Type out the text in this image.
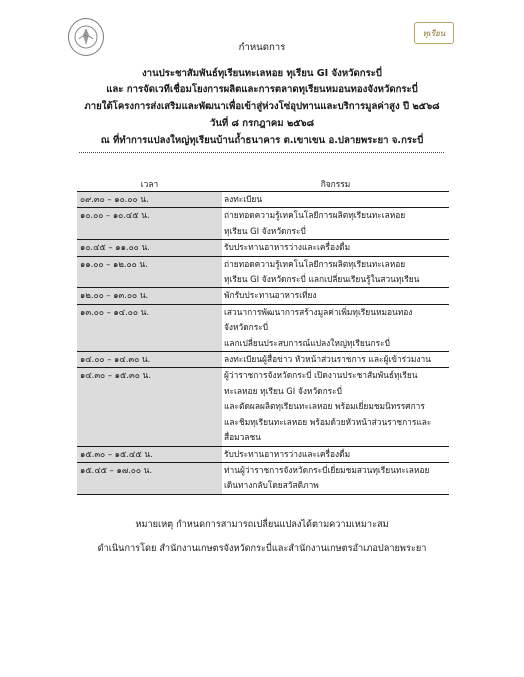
ทุเรียน
กำหนดการ
งานประชาสัมพันธ์ทุเรียนทะเลหอย ทุเรียน GI จังหวัดกระบี่
และ การจัดเวทีเชื่อมโยงการผลิตและการตลาดทุเรียนหมอนทองจังหวัดกระบี่
ภายใต้โครงการส่งเสริมและพัฒนาเพื่อเข้าสู่ห่วงโซ่อุปทานและบริการมูลค่าสูง ปี ๒๕๖๘
วันที่ ๘ กรกฎาคม ๒๕๖๘
ณ ที่ทำการแปลงใหญ่ทุเรียนบ้านถ้ำธนาคาร ต.เขาเขน อ.ปลายพระยา จ.กระบี่
เวลา	กิจกรรม
๐๙.๓๐ – ๑๐.๐๐ น.	ลงทะเบียน

๑๐.๐๐ – ๑๐.๔๕ น.	ถ่ายทอดความรู้เทคโนโลยีการผลิตทุเรียนทะเลหอย
ทุเรียน GI จังหวัดกระบี่

๑๐.๔๕ – ๑๑.๐๐ น.	รับประทานอาหารว่างและเครื่องดื่ม

๑๑.๐๐ – ๑๒.๐๐ น.	ถ่ายทอดความรู้เทคโนโลยีการผลิตทุเรียนทะเลหอย
ทุเรียน GI จังหวัดกระบี่ แลกเปลี่ยนเรียนรู้ในสวนทุเรียน

๑๒.๐๐ – ๑๓.๐๐ น.	พักรับประทานอาหารเที่ยง

๑๓.๐๐ – ๑๔.๐๐ น.	เสวนาการพัฒนาการสร้างมูลค่าเพิ่มทุเรียนหมอนทอง
จังหวัดกระบี่
แลกเปลี่ยนประสบการณ์แปลงใหญ่ทุเรียนกระบี่

๑๔.๐๐ – ๑๔.๓๐ น.	ลงทะเบียนผู้สื่อข่าว หัวหน้าส่วนราชการ และผู้เข้าร่วมงาน

๑๔.๓๐ – ๑๕.๓๐ น.	ผู้ว่าราชการจังหวัดกระบี่ เปิดงานประชาสัมพันธ์ทุเรียน
ทะเลหอย ทุเรียน GI จังหวัดกระบี่
และตัดผลผลิตทุเรียนทะเลหอย พร้อมเยี่ยมชมนิทรรศการ
และชิมทุเรียนทะเลหอย พร้อมด้วยหัวหน้าส่วนราชการและ
สื่อมวลชน

๑๕.๓๐ – ๑๕.๔๕ น.	รับประทานอาหารว่างและเครื่องดื่ม

๑๕.๔๕ – ๑๗.๐๐ น.	ท่านผู้ว่าราชการจังหวัดกระบี่เยี่ยมชมสวนทุเรียนทะเลหอย
เดินทางกลับโดยสวัสดิภาพ
หมายเหตุ กำหนดการสามารถเปลี่ยนแปลงได้ตามความเหมาะสม
ดำเนินการโดย สำนักงานเกษตรจังหวัดกระบี่และสำนักงานเกษตรอำเภอปลายพระยา
